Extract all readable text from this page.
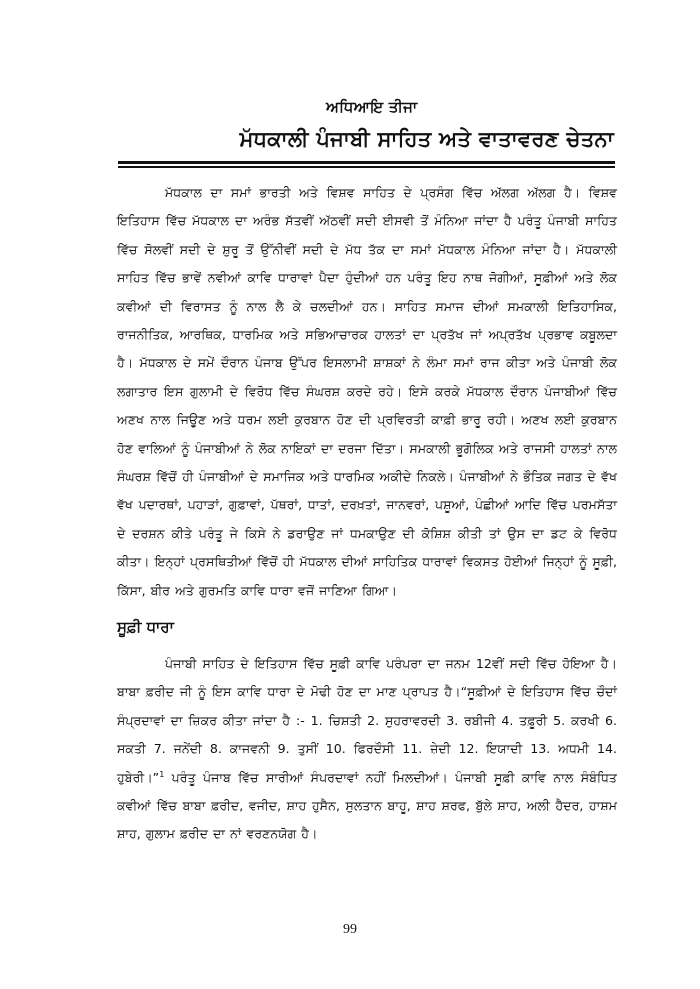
ਅਧਿਆਇ ਤੀਜਾ
ਮੱਧਕਾਲੀ ਪੰਜਾਬੀ ਸਾਹਿਤ ਅਤੇ ਵਾਤਾਵਰਣ ਚੇਤਨਾ

ਮੱਧਕਾਲ ਦਾ ਸਮਾਂ ਭਾਰਤੀ ਅਤੇ ਵਿਸ਼ਵ ਸਾਹਿਤ ਦੇ ਪ੍ਰਸੰਗ ਵਿੱਚ ਅੱਲਗ ਅੱਲਗ ਹੈ। ਵਿਸ਼ਵ ਇਤਿਹਾਸ ਵਿੱਚ ਮੱਧਕਾਲ ਦਾ ਅਰੰਭ ਸੱਤਵੀਂ ਅੱਠਵੀਂ ਸਦੀ ਈਸਵੀ ਤੋਂ ਮੰਨਿਆ ਜਾਂਦਾ ਹੈ ਪਰੰਤੂ ਪੰਜਾਬੀ ਸਾਹਿਤ ਵਿੱਚ ਸੋਲਵੀਂ ਸਦੀ ਦੇ ਸ਼ੁਰੂ ਤੋਂ ਉੱਨੀਵੀਂ ਸਦੀ ਦੇ ਮੱਧ ਤੱਕ ਦਾ ਸਮਾਂ ਮੱਧਕਾਲ ਮੰਨਿਆ ਜਾਂਦਾ ਹੈ। ਮੱਧਕਾਲੀ ਸਾਹਿਤ ਵਿੱਚ ਭਾਵੇਂ ਨਵੀਆਂ ਕਾਵਿ ਧਾਰਾਵਾਂ ਪੈਦਾ ਹੁੰਦੀਆਂ ਹਨ ਪਰੰਤੂ ਇਹ ਨਾਥ ਜੋਗੀਆਂ, ਸੂਫ਼ੀਆਂ ਅਤੇ ਲੋਕ ਕਵੀਆਂ ਦੀ ਵਿਰਾਸਤ ਨੂੰ ਨਾਲ ਲੈ ਕੇ ਚਲਦੀਆਂ ਹਨ। ਸਾਹਿਤ ਸਮਾਜ ਦੀਆਂ ਸਮਕਾਲੀ ਇਤਿਹਾਸਿਕ, ਰਾਜਨੀਤਿਕ, ਆਰਥਿਕ, ਧਾਰਮਿਕ ਅਤੇ ਸਭਿਆਚਾਰਕ ਹਾਲਤਾਂ ਦਾ ਪ੍ਰਤੱਖ ਜਾਂ ਅਪ੍ਰਤੱਖ ਪ੍ਰਭਾਵ ਕਬੂਲਦਾ ਹੈ। ਮੱਧਕਾਲ ਦੇ ਸਮੇਂ ਦੌਰਾਨ ਪੰਜਾਬ ਉੱਪਰ ਇਸਲਾਮੀ ਸ਼ਾਸ਼ਕਾਂ ਨੇ ਲੰਮਾ ਸਮਾਂ ਰਾਜ ਕੀਤਾ ਅਤੇ ਪੰਜਾਬੀ ਲੋਕ ਲਗਾਤਾਰ ਇਸ ਗੁਲਾਮੀ ਦੇ ਵਿਰੋਧ ਵਿੱਚ ਸੰਘਰਸ਼ ਕਰਦੇ ਰਹੇ। ਇਸੇ ਕਰਕੇ ਮੱਧਕਾਲ ਦੌਰਾਨ ਪੰਜਾਬੀਆਂ ਵਿੱਚ ਅਣਖ ਨਾਲ ਜਿਊਣ ਅਤੇ ਧਰਮ ਲਈ ਕੁਰਬਾਨ ਹੋਣ ਦੀ ਪ੍ਰਵਿਰਤੀ ਕਾਫ਼ੀ ਭਾਰੂ ਰਹੀ। ਅਣਖ ਲਈ ਕੁਰਬਾਨ ਹੋਣ ਵਾਲਿਆਂ ਨੂੰ ਪੰਜਾਬੀਆਂ ਨੇ ਲੋਕ ਨਾਇਕਾਂ ਦਾ ਦਰਜਾ ਦਿੱਤਾ। ਸਮਕਾਲੀ ਭੂਗੋਲਿਕ ਅਤੇ ਰਾਜਸੀ ਹਾਲਤਾਂ ਨਾਲ ਸੰਘਰਸ਼ ਵਿੱਚੋਂ ਹੀ ਪੰਜਾਬੀਆਂ ਦੇ ਸਮਾਜਿਕ ਅਤੇ ਧਾਰਮਿਕ ਅਕੀਦੇ ਨਿਕਲੇ। ਪੰਜਾਬੀਆਂ ਨੇ ਭੌਤਿਕ ਜਗਤ ਦੇ ਵੱਖ ਵੱਖ ਪਦਾਰਥਾਂ, ਪਹਾੜਾਂ, ਗੁਫ਼ਾਵਾਂ, ਪੱਥਰਾਂ, ਧਾਤਾਂ, ਦਰਖ਼ਤਾਂ, ਜਾਨਵਰਾਂ, ਪਸ਼ੂਆਂ, ਪੰਛੀਆਂ ਆਦਿ ਵਿੱਚ ਪਰਮਸੱਤਾ ਦੇ ਦਰਸ਼ਨ ਕੀਤੇ ਪਰੰਤੂ ਜੇ ਕਿਸੇ ਨੇ ਡਰਾਉਣ ਜਾਂ ਧਮਕਾਉਣ ਦੀ ਕੋਸ਼ਿਸ਼ ਕੀਤੀ ਤਾਂ ਉਸ ਦਾ ਡਟ ਕੇ ਵਿਰੋਧ ਕੀਤਾ। ਇਨ੍ਹਾਂ ਪ੍ਰਸਥਿਤੀਆਂ ਵਿੱਚੋਂ ਹੀ ਮੱਧਕਾਲ ਦੀਆਂ ਸਾਹਿਤਿਕ ਧਾਰਾਵਾਂ ਵਿਕਸਤ ਹੋਈਆਂ ਜਿਨ੍ਹਾਂ ਨੂੰ ਸੂਫ਼ੀ, ਕਿੱਸਾ, ਬੀਰ ਅਤੇ ਗੁਰਮਤਿ ਕਾਵਿ ਧਾਰਾ ਵਜੋਂ ਜਾਣਿਆ ਗਿਆ।

ਸੂਫ਼ੀ ਧਾਰਾ

ਪੰਜਾਬੀ ਸਾਹਿਤ ਦੇ ਇਤਿਹਾਸ ਵਿੱਚ ਸੂਫ਼ੀ ਕਾਵਿ ਪਰੰਪਰਾ ਦਾ ਜਨਮ 12ਵੀਂ ਸਦੀ ਵਿੱਚ ਹੋਇਆ ਹੈ। ਬਾਬਾ ਫ਼ਰੀਦ ਜੀ ਨੂੰ ਇਸ ਕਾਵਿ ਧਾਰਾ ਦੇ ਮੋਢੀ ਹੋਣ ਦਾ ਮਾਣ ਪ੍ਰਾਪਤ ਹੈ।“ਸੂਫ਼ੀਆਂ ਦੇ ਇਤਿਹਾਸ ਵਿੱਚ ਚੌਦਾਂ ਸੰਪ੍ਰਦਾਵਾਂ ਦਾ ਜ਼ਿਕਰ ਕੀਤਾ ਜਾਂਦਾ ਹੈ :- 1. ਚਿਸ਼ਤੀ 2. ਸੁਹਰਾਵਰਦੀ 3. ਰਬੀਜੀ 4. ਤਫ਼ੂਰੀ 5. ਕਰਖੀ 6. ਸਕਤੀ 7. ਜਨੇਂਦੀ 8. ਕਾਜਵਨੀ 9. ਤੁਸੀਂ 10. ਫਿਰਦੌਸੀ 11. ਜ਼ੇਦੀ 12. ਇਯਾਦੀ 13. ਅਧਮੀ 14. ਹੁਬੇਰੀ।”$^1$ ਪਰੰਤੂ ਪੰਜਾਬ ਵਿੱਚ ਸਾਰੀਆਂ ਸੰਪਰਦਾਵਾਂ ਨਹੀਂ ਮਿਲਦੀਆਂ। ਪੰਜਾਬੀ ਸੂਫ਼ੀ ਕਾਵਿ ਨਾਲ ਸੰਬੰਧਿਤ ਕਵੀਆਂ ਵਿੱਚ ਬਾਬਾ ਫ਼ਰੀਦ, ਵਜੀਦ, ਸ਼ਾਹ ਹੁਸੈਨ, ਸੁਲਤਾਨ ਬਾਹੂ, ਸ਼ਾਹ ਸ਼ਰਫ, ਬੁੱਲੇ ਸ਼ਾਹ, ਅਲੀ ਹੈਦਰ, ਹਾਸ਼ਮ ਸ਼ਾਹ, ਗੁਲਾਮ ਫ਼ਰੀਦ ਦਾ ਨਾਂ ਵਰਣਨਯੋਗ ਹੈ।

99
